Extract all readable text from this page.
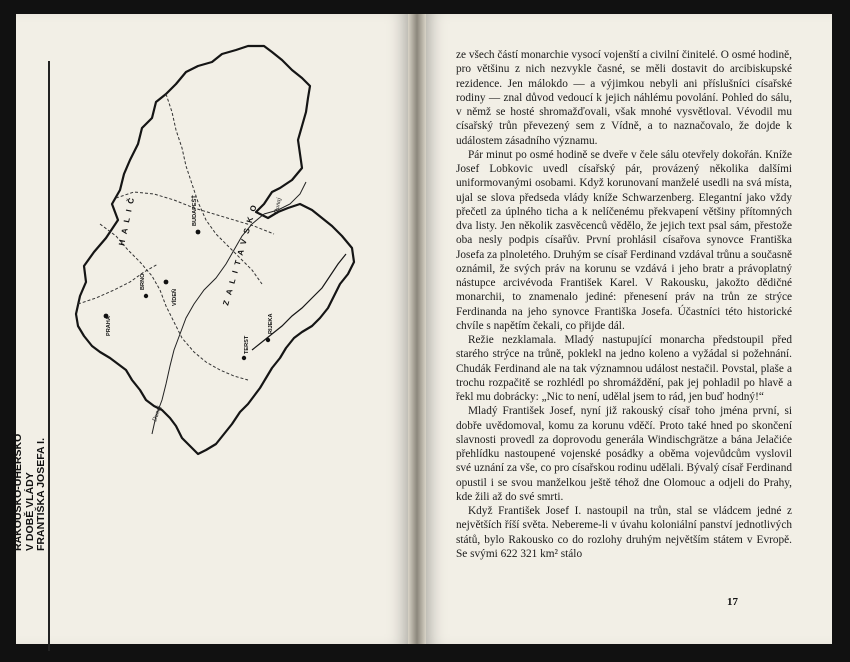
RAKOUSKO-UHERSKO V DOBĚ VLÁDY FRANTIŠKA JOSEFA I.
PRAHA
BRNO
VÍDEŇ
BUDAPEŠŤ
TERST
RIJEKA
HALIČ	ZALITAVSKO
Dunaj
Dunaj

ze všech částí monarchie vysocí vojenští a civilní činitelé. O osmé hodině, pro většinu z nich nezvykle časné, se měli dostavit do arcibiskupské rezidence. Jen málokdo — a výjimkou nebyli ani příslušníci císařské rodiny — znal důvod vedoucí k jejich náhlému povolání. Pohled do sálu, v němž se hosté shromažďovali, však mnohé vysvětloval. Vévodil mu císařský trůn převezený sem z Vídně, a to naznačovalo, že dojde k událostem zásadního významu.

Pár minut po osmé hodině se dveře v čele sálu otevřely dokořán. Kníže Josef Lobkovic uvedl císařský pár, provázený několika dalšími uniformovanými osobami. Když korunovaní manželé usedli na svá místa, ujal se slova předseda vlády kníže Schwarzenberg. Elegantní jako vždy přečetl za úplného ticha a k nelíčenému překvapení většiny přítomných dva listy. Jen několik zasvěcenců vědělo, že jejich text psal sám, přestože oba nesly podpis císařův. První prohlásil císařova synovce Františka Josefa za plnoletého. Druhým se císař Ferdinand vzdával trůnu a současně oznámil, že svých práv na korunu se vzdává i jeho bratr a právoplatný nástupce arcivévoda František Karel. V Rakousku, jakožto dědičné monarchii, to znamenalo jediné: přenesení práv na trůn ze strýce Ferdinanda na jeho synovce Františka Josefa. Účastníci této historické chvíle s napětím čekali, co přijde dál.

Režie nezklamala. Mladý nastupující monarcha předstoupil před starého strýce na trůně, poklekl na jedno koleno a vyžádal si požehnání. Chudák Ferdinand ale na tak významnou událost nestačil. Povstal, plaše a trochu rozpačitě se rozhlédl po shromáždění, pak jej pohladil po hlavě a řekl mu dobrácky: „Nic to není, udělal jsem to rád, jen buď hodný!“

Mladý František Josef, nyní již rakouský císař toho jména první, si dobře uvědomoval, komu za korunu vděčí. Proto také hned po skončení slavnosti provedl za doprovodu generála Windischgrätze a bána Jelačiće přehlídku nastoupené vojenské posádky a oběma vojevůdcům vyslovil své uznání za vše, co pro císařskou rodinu udělali. Bývalý císař Ferdinand opustil i se svou manželkou ještě téhož dne Olomouc a odjeli do Prahy, kde žili až do své smrti.

Když František Josef I. nastoupil na trůn, stal se vládcem jedné z největších říší světa. Nebereme-li v úvahu koloniální panství jednotlivých států, bylo Rakousko co do rozlohy druhým největším státem v Evropě. Se svými 622 321 km² stálo

17
